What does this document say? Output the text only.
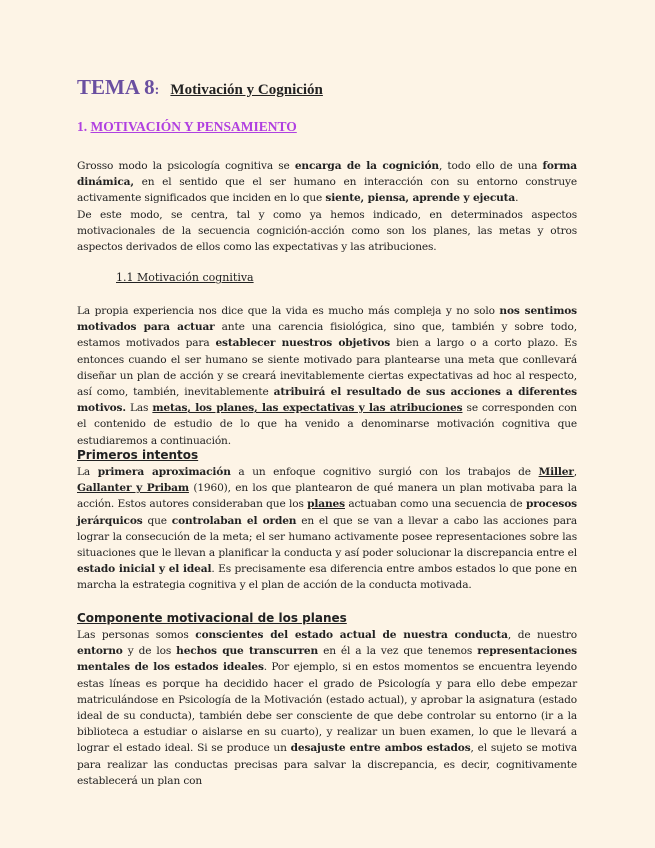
TEMA 8: Motivación y Cognición
1. MOTIVACIÓN Y PENSAMIENTO

Grosso modo la psicología cognitiva se encarga de la cognición, todo ello de una forma dinámica, en el sentido que el ser humano en interacción con su entorno construye activamente significados que inciden en lo que siente, piensa, aprende y ejecuta.

De este modo, se centra, tal y como ya hemos indicado, en determinados aspectos motivacionales de la secuencia cognición-acción como son los planes, las metas y otros aspectos derivados de ellos como las expectativas y las atribuciones.

1.1 Motivación cognitiva

La propia experiencia nos dice que la vida es mucho más compleja y no solo nos sentimos motivados para actuar ante una carencia fisiológica, sino que, también y sobre todo, estamos motivados para establecer nuestros objetivos bien a largo o a corto plazo. Es entonces cuando el ser humano se siente motivado para plantearse una meta que conllevará diseñar un plan de acción y se creará inevitablemente ciertas expectativas ad hoc al respecto, así como, también, inevitablemente atribuirá el resultado de sus acciones a diferentes motivos. Las metas, los planes, las expectativas y las atribuciones se corresponden con el contenido de estudio de lo que ha venido a denominarse motivación cognitiva que estudiaremos a continuación.

Primeros intentos

La primera aproximación a un enfoque cognitivo surgió con los trabajos de Miller, Gallanter y Pribam (1960), en los que plantearon de qué manera un plan motivaba para la acción. Estos autores consideraban que los planes actuaban como una secuencia de procesos jerárquicos que controlaban el orden en el que se van a llevar a cabo las acciones para lograr la consecución de la meta; el ser humano activamente posee representaciones sobre las situaciones que le llevan a planificar la conducta y así poder solucionar la discrepancia entre el estado inicial y el ideal. Es precisamente esa diferencia entre ambos estados lo que pone en marcha la estrategia cognitiva y el plan de acción de la conducta motivada.

Componente motivacional de los planes

Las personas somos conscientes del estado actual de nuestra conducta, de nuestro entorno y de los hechos que transcurren en él a la vez que tenemos representaciones mentales de los estados ideales. Por ejemplo, si en estos momentos se encuentra leyendo estas líneas es porque ha decidido hacer el grado de Psicología y para ello debe empezar matriculándose en Psicología de la Motivación (estado actual), y aprobar la asignatura (estado ideal de su conducta), también debe ser consciente de que debe controlar su entorno (ir a la biblioteca a estudiar o aislarse en su cuarto), y realizar un buen examen, lo que le llevará a lograr el estado ideal. Si se produce un desajuste entre ambos estados, el sujeto se motiva para realizar las conductas precisas para salvar la discrepancia, es decir, cognitivamente establecerá un plan con
